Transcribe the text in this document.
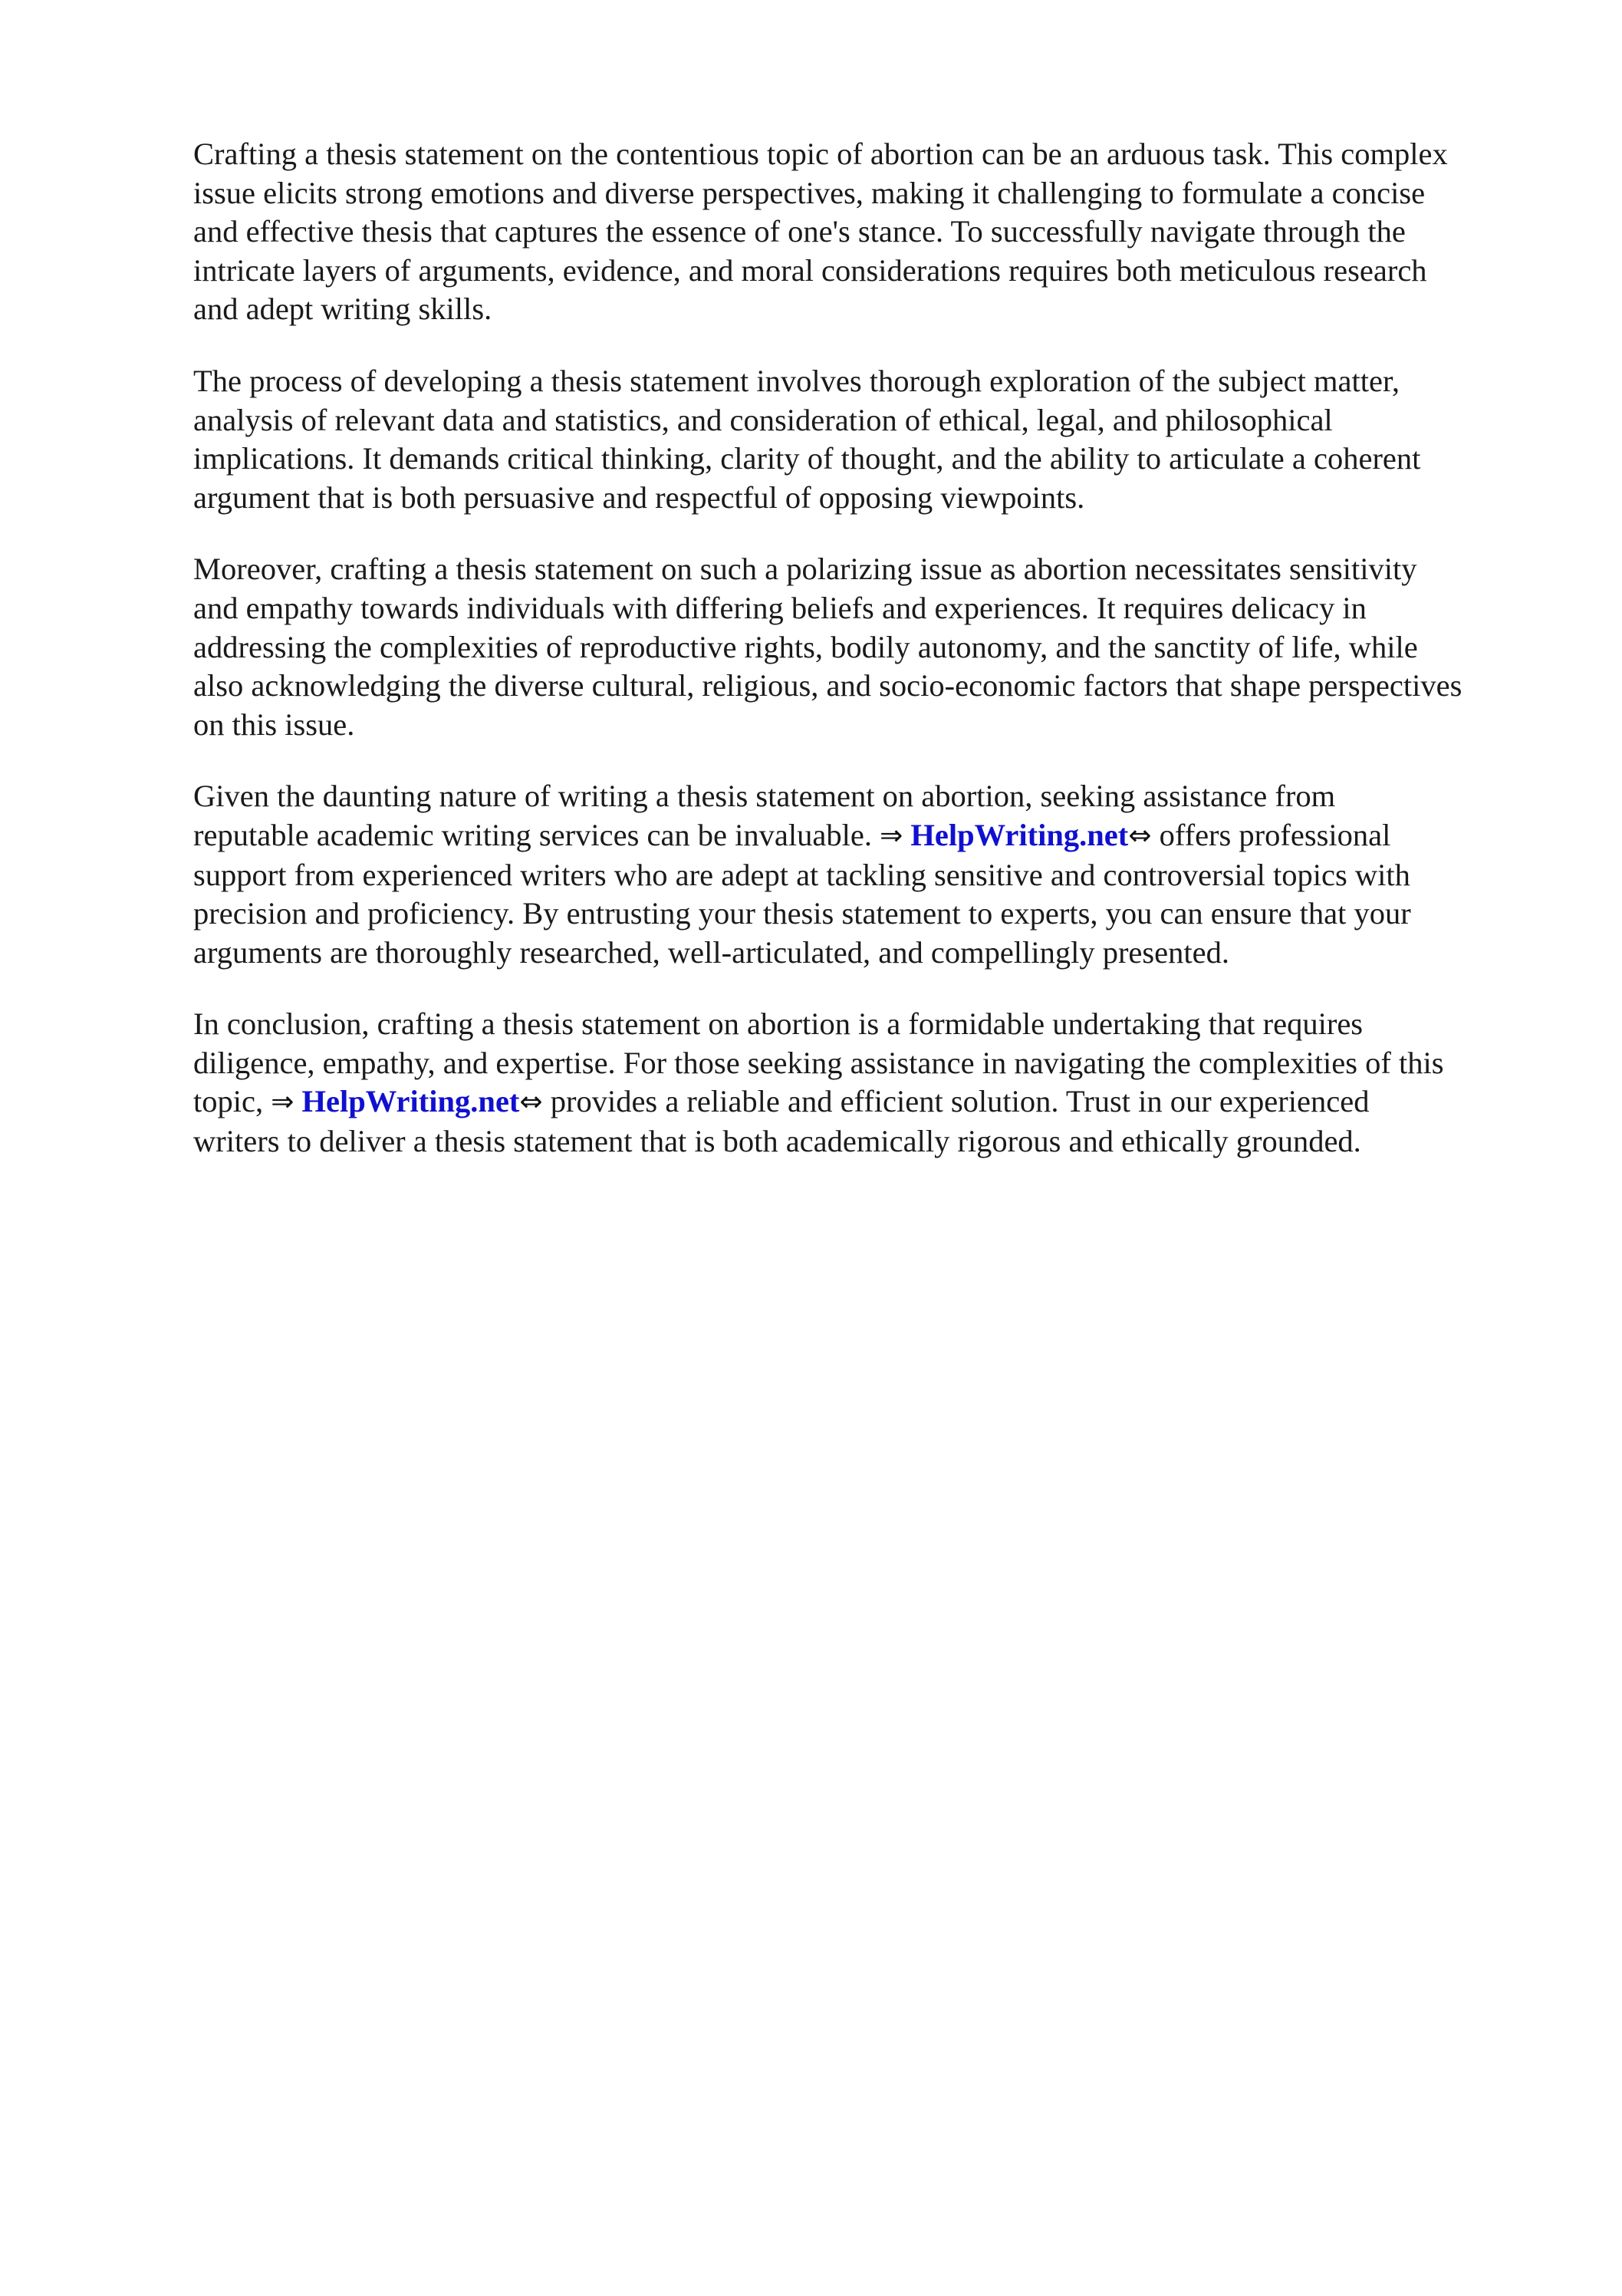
Crafting a thesis statement on the contentious topic of abortion can be an arduous task. This complex
issue elicits strong emotions and diverse perspectives, making it challenging to formulate a concise
and effective thesis that captures the essence of one's stance. To successfully navigate through the
intricate layers of arguments, evidence, and moral considerations requires both meticulous research
and adept writing skills.

The process of developing a thesis statement involves thorough exploration of the subject matter,
analysis of relevant data and statistics, and consideration of ethical, legal, and philosophical
implications. It demands critical thinking, clarity of thought, and the ability to articulate a coherent
argument that is both persuasive and respectful of opposing viewpoints.

Moreover, crafting a thesis statement on such a polarizing issue as abortion necessitates sensitivity
and empathy towards individuals with differing beliefs and experiences. It requires delicacy in
addressing the complexities of reproductive rights, bodily autonomy, and the sanctity of life, while
also acknowledging the diverse cultural, religious, and socio-economic factors that shape perspectives
on this issue.

Given the daunting nature of writing a thesis statement on abortion, seeking assistance from
reputable academic writing services can be invaluable. ⇒ HelpWriting.net⇔ offers professional
support from experienced writers who are adept at tackling sensitive and controversial topics with
precision and proficiency. By entrusting your thesis statement to experts, you can ensure that your
arguments are thoroughly researched, well-articulated, and compellingly presented.

In conclusion, crafting a thesis statement on abortion is a formidable undertaking that requires
diligence, empathy, and expertise. For those seeking assistance in navigating the complexities of this
topic, ⇒ HelpWriting.net⇔ provides a reliable and efficient solution. Trust in our experienced
writers to deliver a thesis statement that is both academically rigorous and ethically grounded.
